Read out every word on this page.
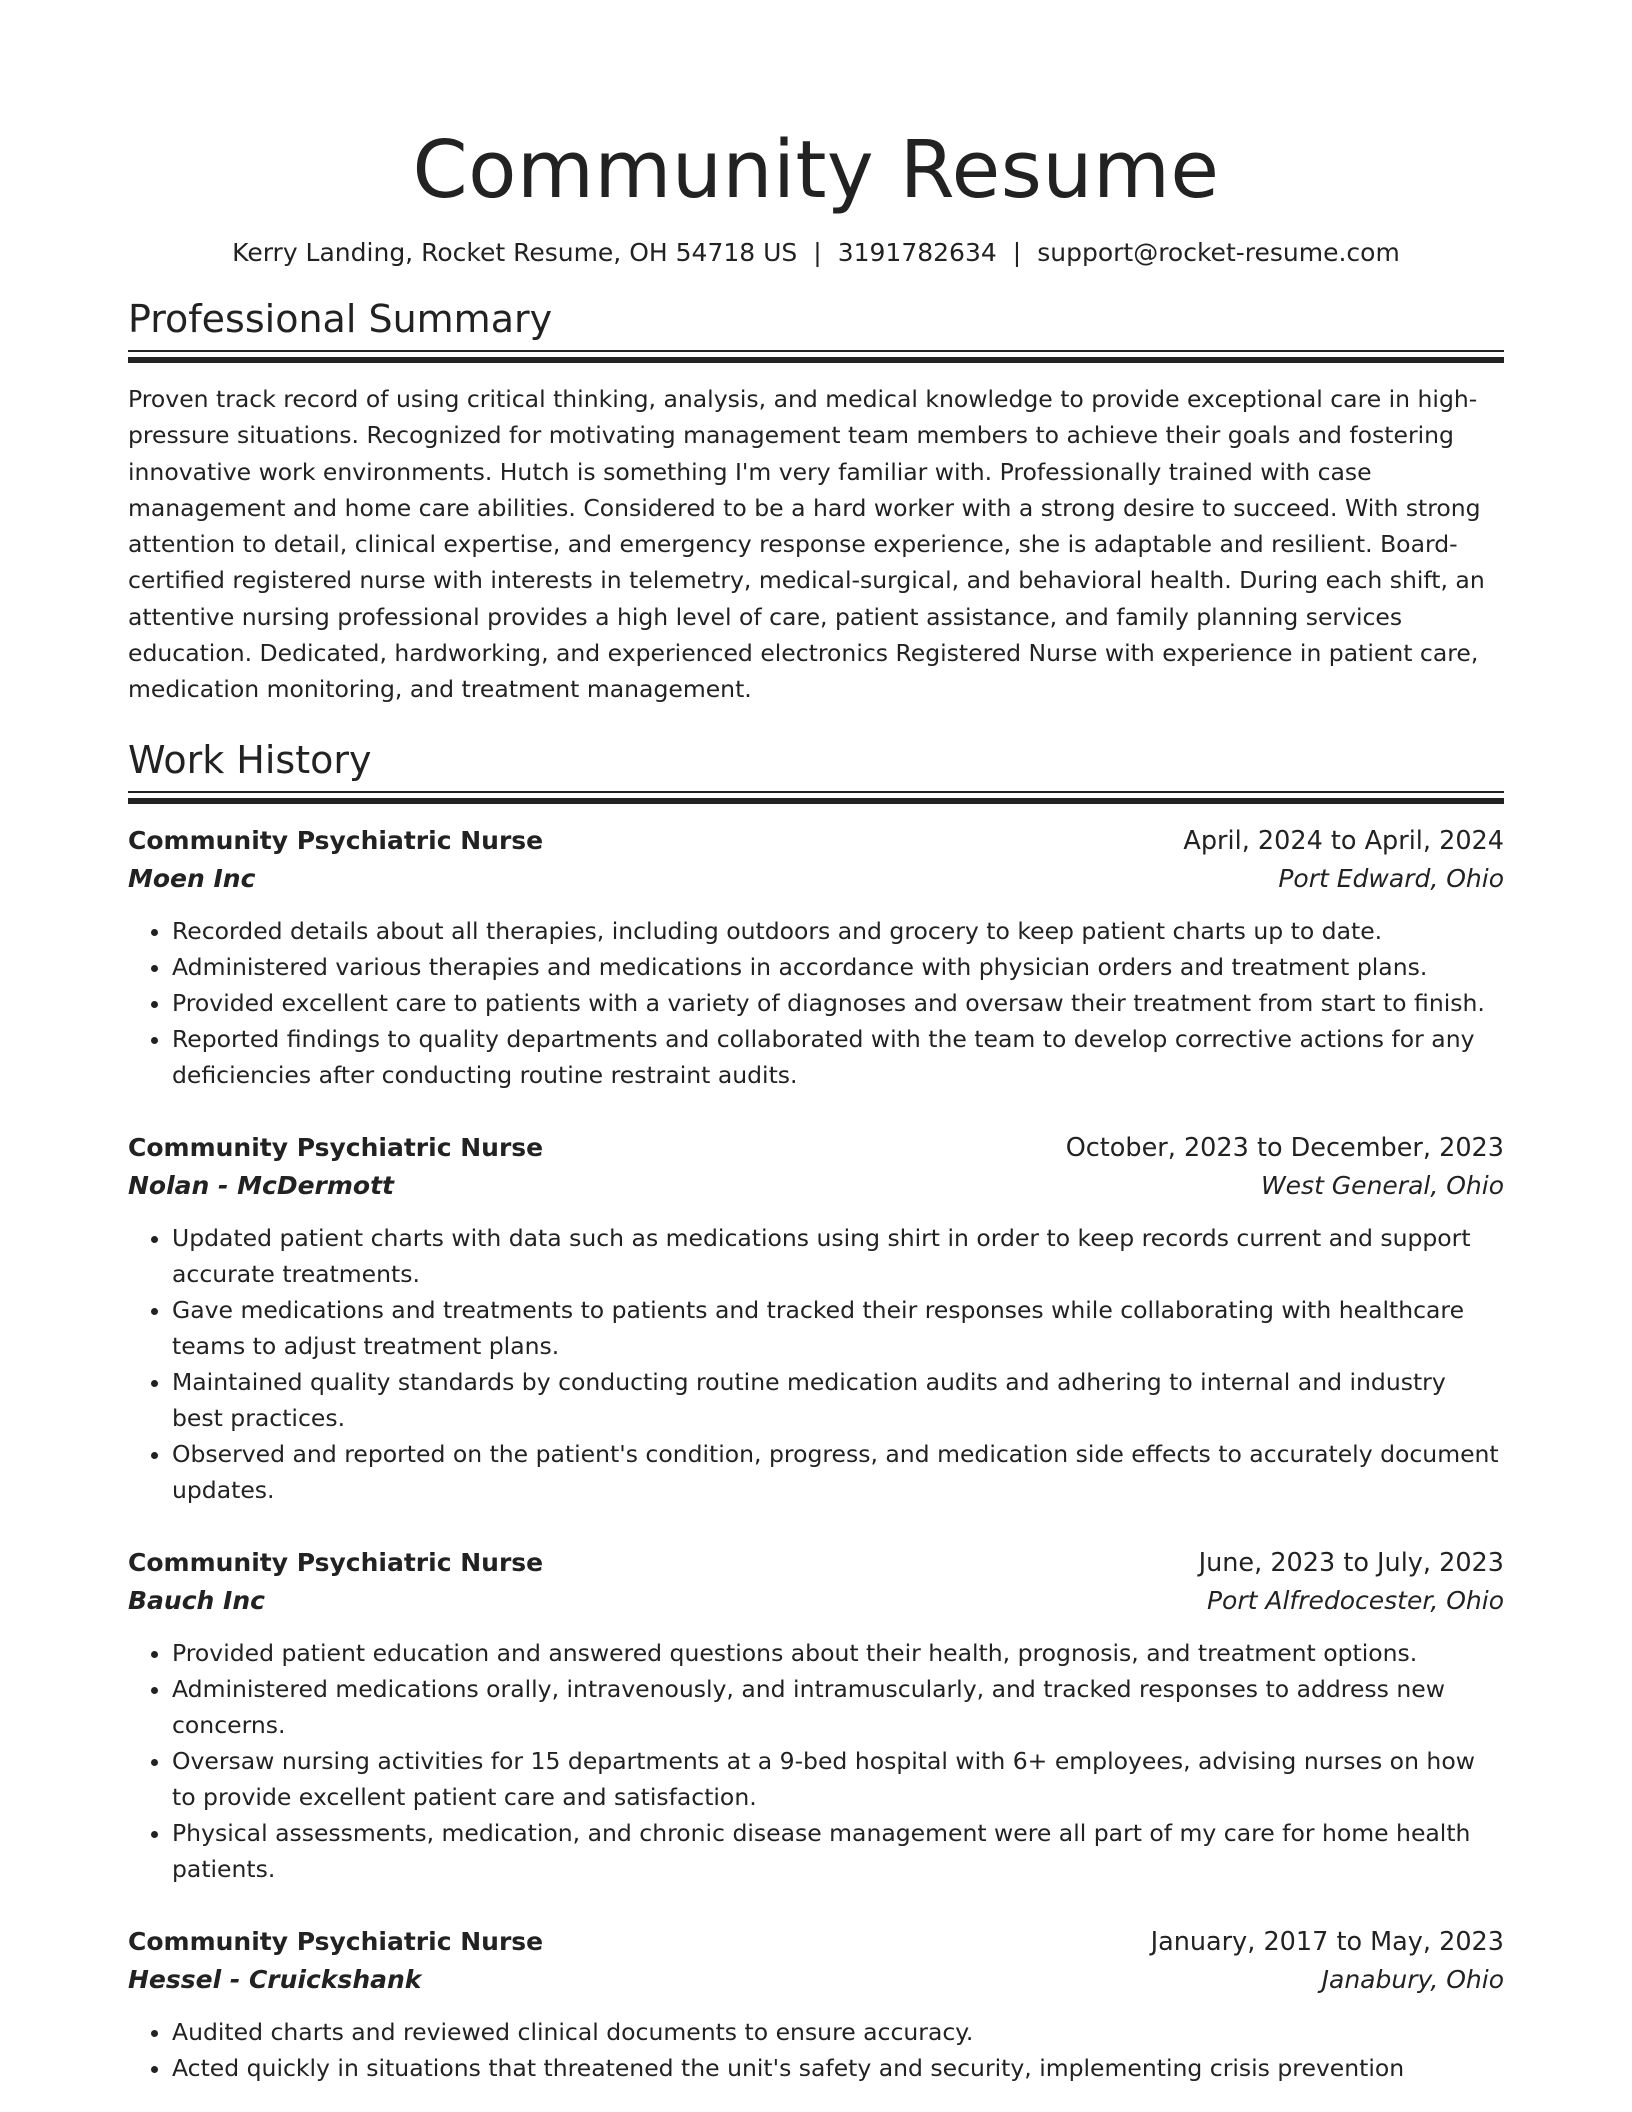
Community Resume
Kerry Landing, Rocket Resume, OH 54718 US | 3191782634 | support@rocket-resume.com
Professional Summary

Proven track record of using critical thinking, analysis, and medical knowledge to provide exceptional care in high-pressure situations. Recognized for motivating management team members to achieve their goals and fostering innovative work environments. Hutch is something I'm very familiar with. Professionally trained with case management and home care abilities. Considered to be a hard worker with a strong desire to succeed. With strong attention to detail, clinical expertise, and emergency response experience, she is adaptable and resilient. Board-certified registered nurse with interests in telemetry, medical-surgical, and behavioral health. During each shift, an attentive nursing professional provides a high level of care, patient assistance, and family planning services education. Dedicated, hardworking, and experienced electronics Registered Nurse with experience in patient care, medication monitoring, and treatment management.

Work History
Community Psychiatric Nurse	April, 2024 to April, 2024
Moen Inc	Port Edward, Ohio
• Recorded details about all therapies, including outdoors and grocery to keep patient charts up to date.
• Administered various therapies and medications in accordance with physician orders and treatment plans.
• Provided excellent care to patients with a variety of diagnoses and oversaw their treatment from start to finish.
• Reported findings to quality departments and collaborated with the team to develop corrective actions for any deficiencies after conducting routine restraint audits.
Community Psychiatric Nurse	October, 2023 to December, 2023
Nolan - McDermott	West General, Ohio
• Updated patient charts with data such as medications using shirt in order to keep records current and support accurate treatments.
• Gave medications and treatments to patients and tracked their responses while collaborating with healthcare teams to adjust treatment plans.
• Maintained quality standards by conducting routine medication audits and adhering to internal and industry best practices.
• Observed and reported on the patient's condition, progress, and medication side effects to accurately document updates.
Community Psychiatric Nurse	June, 2023 to July, 2023
Bauch Inc	Port Alfredocester, Ohio
• Provided patient education and answered questions about their health, prognosis, and treatment options.
• Administered medications orally, intravenously, and intramuscularly, and tracked responses to address new concerns.
• Oversaw nursing activities for 15 departments at a 9-bed hospital with 6+ employees, advising nurses on how to provide excellent patient care and satisfaction.
• Physical assessments, medication, and chronic disease management were all part of my care for home health patients.
Community Psychiatric Nurse	January, 2017 to May, 2023
Hessel - Cruickshank	Janabury, Ohio
• Audited charts and reviewed clinical documents to ensure accuracy.
• Acted quickly in situations that threatened the unit's safety and security, implementing crisis prevention
